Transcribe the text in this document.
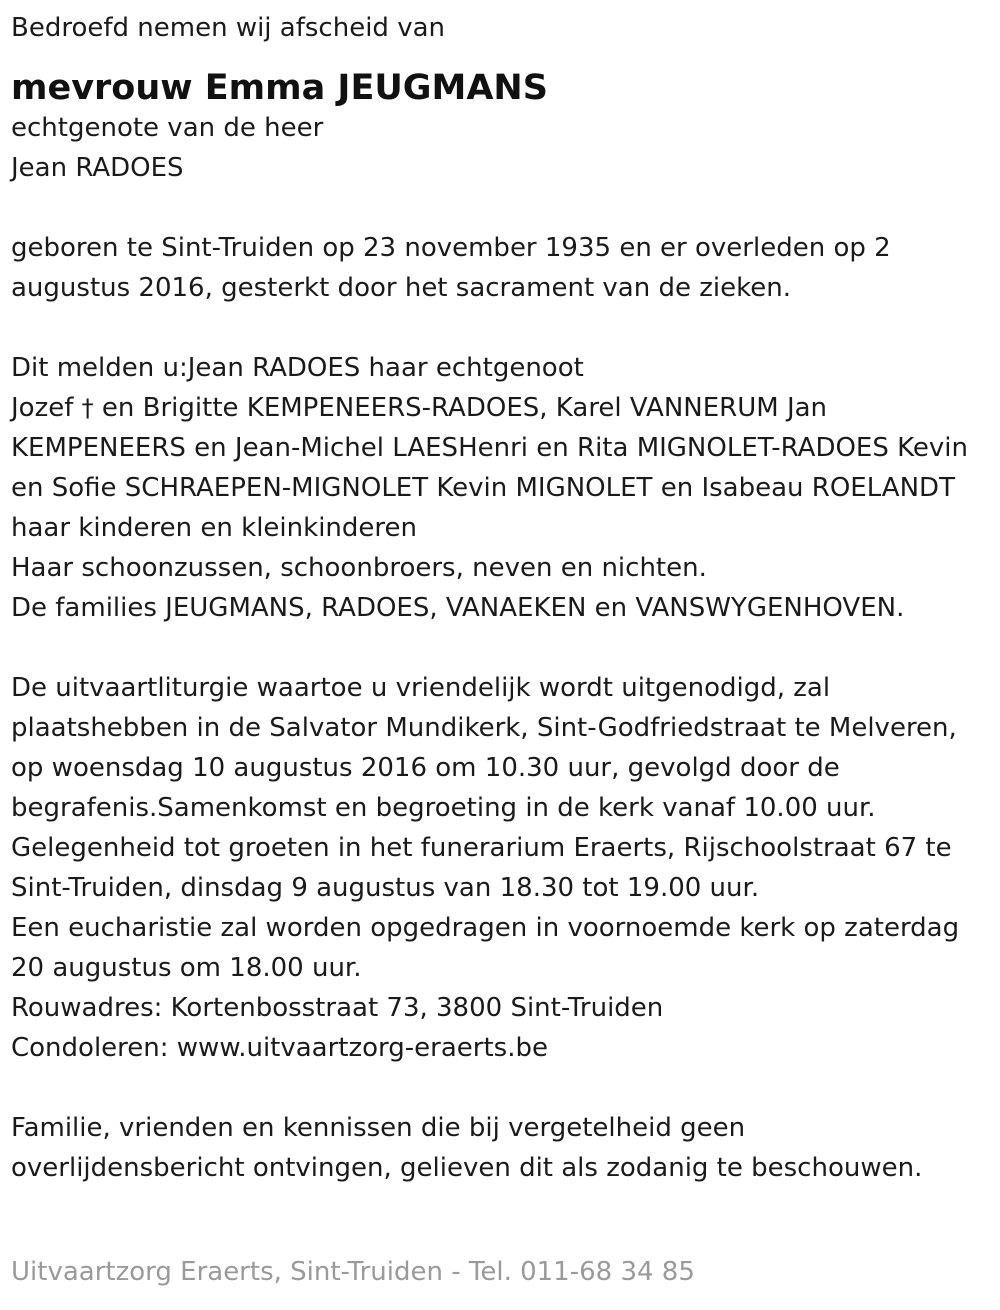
Bedroefd nemen wij afscheid van
mevrouw Emma JEUGMANS
echtgenote van de heer
Jean RADOES
geboren te Sint-Truiden op 23 november 1935 en er overleden op 2
augustus 2016, gesterkt door het sacrament van de zieken.
Dit melden u:Jean RADOES haar echtgenoot
Jozef † en Brigitte KEMPENEERS-RADOES, Karel VANNERUM Jan
KEMPENEERS en Jean-Michel LAESHenri en Rita MIGNOLET-RADOES Kevin
en Sofie SCHRAEPEN-MIGNOLET Kevin MIGNOLET en Isabeau ROELANDT
haar kinderen en kleinkinderen
Haar schoonzussen, schoonbroers, neven en nichten.
De families JEUGMANS, RADOES, VANAEKEN en VANSWYGENHOVEN.
De uitvaartliturgie waartoe u vriendelijk wordt uitgenodigd, zal
plaatshebben in de Salvator Mundikerk, Sint-Godfriedstraat te Melveren,
op woensdag 10 augustus 2016 om 10.30 uur, gevolgd door de
begrafenis.Samenkomst en begroeting in de kerk vanaf 10.00 uur.
Gelegenheid tot groeten in het funerarium Eraerts, Rijschoolstraat 67 te
Sint-Truiden, dinsdag 9 augustus van 18.30 tot 19.00 uur.
Een eucharistie zal worden opgedragen in voornoemde kerk op zaterdag
20 augustus om 18.00 uur.
Rouwadres: Kortenbosstraat 73, 3800 Sint-Truiden
Condoleren: www.uitvaartzorg-eraerts.be
Familie, vrienden en kennissen die bij vergetelheid geen
overlijdensbericht ontvingen, gelieven dit als zodanig te beschouwen.
Uitvaartzorg Eraerts, Sint-Truiden - Tel. 011-68 34 85
